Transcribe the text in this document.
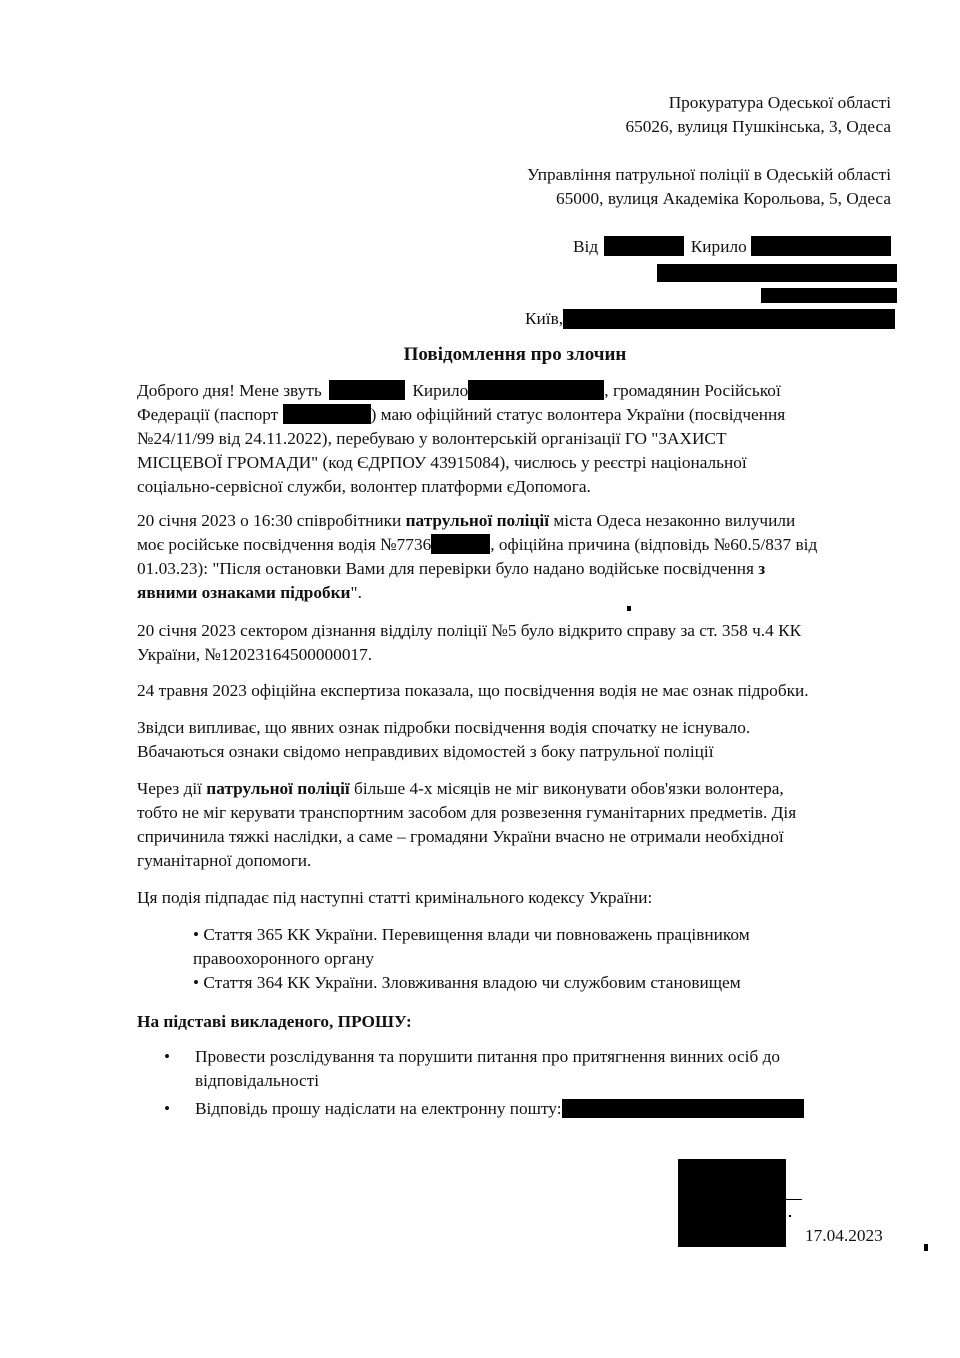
Прокуратура Одеської області
65026, вулиця Пушкінська, 3, Одеса
Управління патрульної поліції в Одеській області
65000, вулиця Академіка Корольова, 5, Одеса
Від	Кирило
Київ,
Повідомлення про злочин
Доброго дня! Мене звуть	Кирило	, громадянин Російської
Федерації (паспорт	) маю офіційний статус волонтера України (посвідчення
№24/11/99 від 24.11.2022), перебуваю у волонтерській організації ГО "ЗАХИСТ
МІСЦЕВОЇ ГРОМАДИ" (код ЄДРПОУ 43915084), числюсь у реєстрі національної
соціально-сервісної служби, волонтер платформи єДопомога.
20 січня 2023 о 16:30 співробітники патрульної поліції міста Одеса незаконно вилучили
моє російське посвідчення водія №7736	, офіційна причина (відповідь №60.5/837 від
01.03.23): "Після остановки Вами для перевірки було надано водійське посвідчення з
явними ознаками підробки".
20 січня 2023 сектором дізнання відділу поліції №5 було відкрито справу за ст. 358 ч.4 КК
України, №12023164500000017.
24 травня 2023 офіційна експертиза показала, що посвідчення водія не має ознак підробки.
Звідси випливає, що явних ознак підробки посвідчення водія спочатку не існувало.
Вбачаються ознаки свідомо неправдивих відомостей з боку патрульної поліції
Через дії патрульної поліції більше 4-х місяців не міг виконувати обов'язки волонтера,
тобто не міг керувати транспортним засобом для розвезення гуманітарних предметів. Дія
спричинила тяжкі наслідки, а саме – громадяни України вчасно не отримали необхідної
гуманітарної допомоги.
Ця подія підпадає під наступні статті кримінального кодексу України:
• Стаття 365 КК України. Перевищення влади чи повноважень працівником
правоохоронного органу
• Стаття 364 КК України. Зловживання владою чи службовим становищем
На підставі викладеного, ПРОШУ:
• Провести розслідування та порушити питання про притягнення винних осіб до
відповідальності
• Відповідь прошу надіслати на електронну пошту:
17.04.2023
